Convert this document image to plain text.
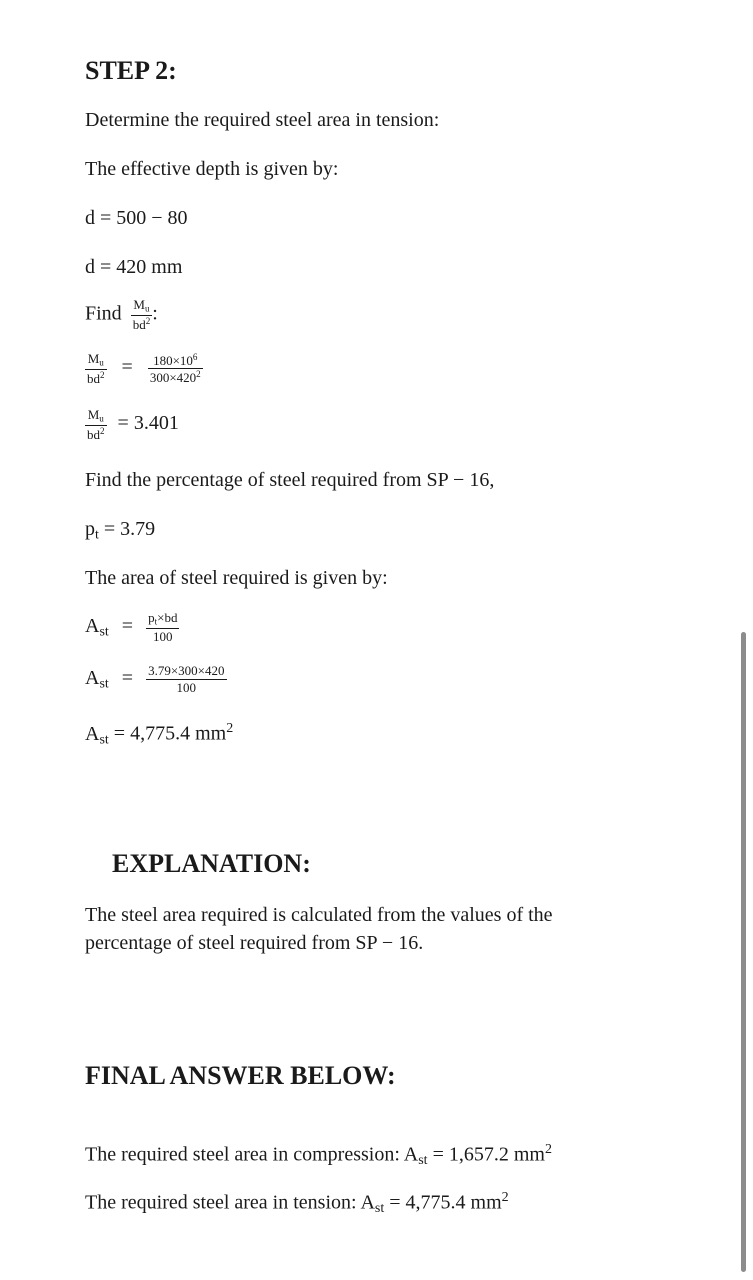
STEP 2:
Determine the required steel area in tension:
The effective depth is given by:
d = 500 − 80
d = 420 mm
Find $\frac{M_u}{bd^2}$ :
$\frac{M_u}{bd^2} = \frac{180\times 10^6}{300\times 420^2}$
$\frac{M_u}{bd^2} = 3.401$
Find the percentage of steel required from SP − 16,
$p_t = 3.79$
The area of steel required is given by:
$A_{st} = \frac{p_t\times bd}{100}$
$A_{st} = \frac{3.79\times 300\times 420}{100}$
$A_{st} = 4,775.4$ $mm^2$
EXPLANATION:
The steel area required is calculated from the values of the
percentage of steel required from SP − 16.
FINAL ANSWER BELOW:
The required steel area in compression: $A_{st} = 1,657.2$ $mm^2$
The required steel area in tension: $A_{st} = 4,775.4$ $mm^2$
